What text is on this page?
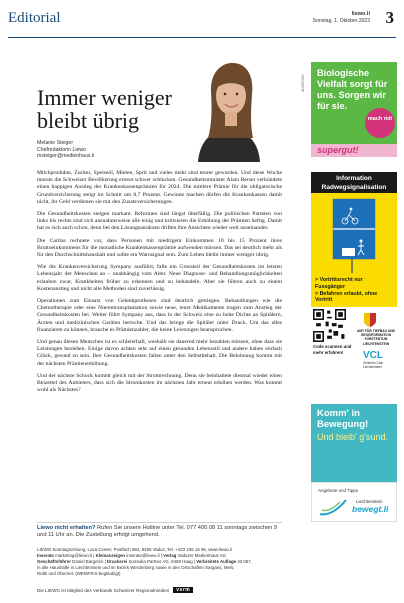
Editorial	liewo.li
Sonntag, 1. Oktober 2023 3
Immer weniger
bleibt übrig
Melanie Steiger
Chefredaktorin Liewo
msteiger@medienhaus.li

Milchprodukte, Zucker, Speiseöl, Mieten, Sprit und vieles mehr sind teurer geworden. Und diese Woche musste die Schweizer Bevölkerung erneut schwer schlucken. Gesundheitsminister Alain Berset verkündete einen happigen Anstieg der Krankenkassenprämien für 2024. Die mittlere Prämie für die obligatorische Grundversicherung steigt im Schnitt um 8,7 Prozent. Gewinne machen dürfen die Krankenkassen damit nicht, ihr Geld verdienen sie mit den Zusatzversicherungen.

Die Gesundheitskosten steigen markant. Reformen sind längst überfällig. Die politischen Parteien von links bis rechts sind sich ausnahmsweise alle einig und kritisieren die Erhöhung der Prämien heftig. Damit hat es sich auch schon, denn bei den Lösungsansätzen driften ihre Ansichten wieder weit auseinander.

Die Caritas rechnete vor, dass Personen mit niedrigem Einkommen 10 bis 15 Prozent ihres Bruttoeinkommens für die monatliche Krankenkassenprämie aufwenden müssen. Das sei deutlich mehr als für den Durchschnittshaushalt und sollte ein Warnsignal sein. Zum Leben bleibt immer weniger übrig.

Wie die Krankenversicherung Sympany ausführt, falle ein Grossteil der Gesundheitskosten im letzten Lebensjahr der Menschen an – unabhängig vom Alter. Neue Diagnose- und Behandlungsmöglichkeiten erlauben zwar, Krankheiten früher zu erkennen und zu behandeln. Aber sie führen auch zu einem Kostenanstieg und nicht alle Methoden sind zuverlässig.

Operationen zum Einsatz von Gelenkprothesen sind deutlich gestiegen. Behandlungen wie die Chemotherapie oder eine Nierentransplantation sowie neue, teure Medikamente tragen zum Anstieg der Gesundheitskosten bei. Weiter führt Sympany aus, dass in der Schweiz eine zu hohe Dichte an Spitälern, Ärzten und medizinischen Geräten herrsche. Und das bringe die Spitäler unter Druck. Um das alles finanzieren zu können, brauche es Prämienzahler, die keine Leistungen beanspruchen.

Und genau diesen Menschen ist es schleierhaft, weshalb sie dauernd mehr bezahlen müssen, ohne dass sie Leistungen beziehen. Einige davon achten sehr auf einen gesunden Lebensstil und andere haben einfach Glück, gesund zu sein. Ihre Gesundheitskosten fallen unter den Selbstbehalt. Die Belohnung kommt mit der nächsten Prämienerhöhung.

Und der nächste Schock kommt gleich mit der Stromrechnung. Denn sie beinhaltete diesmal wieder einen Beizettel des Anbieters, dass sich die Stromkosten im nächsten Jahr erneut erhöhen werden. Was kommt wohl als Nächstes?

Liewo nicht erhalten? Rufen Sie unsere Hotline unter Tel. 077 400 08 11 sonntags zwischen 9 und 11 Uhr an. Die Zustellung erfolgt umgehend.
LIEWO Sonntagszeitung, Lova Center, Postfach 884, 9490 Vaduz, Tel. +423 236 16 96, www.liewo.li
Inserate marketing@liewo.li | Kleinanzeigen inserate@liewo.li | Verlag Vaduzer Medienhaus AG
Geschäftsführer Daniel Bargetze | Druckerei Somedia Partner AG, 9469 Haag | Verbreitete Auflage 43 087,
in alle Haushalte in Liechtenstein und im Bezirk Werdenberg sowie in den Ortschaften Sargans, Mels,
Rüthi und Oberriet. (WEMF/KS-beglaubigt)
Die LIEWO ist Mitglied des Verbands Schweizer Regionalmedien	vsrm
ANZEIGEN
Biologische Vielfalt sorgt für uns. Sorgen wir für sie.
mach mit
supergut!
Information Radwegsignalisation
> Vortrittsrecht nur Fussgänger
> Befahren erlaubt, ohne Vortritt
Code scannen und mehr erfahren!
AMT FÜR TIEFBAU UND GEOINFORMATION FÜRSTENTUM LIECHTENSTEIN
VCL
Verkehrs-Club Liechtenstein
Komm' in Bewegung!
Und bleib' g'sund.
Angebote und Tipps
Liechtenstein
bewegt.li
